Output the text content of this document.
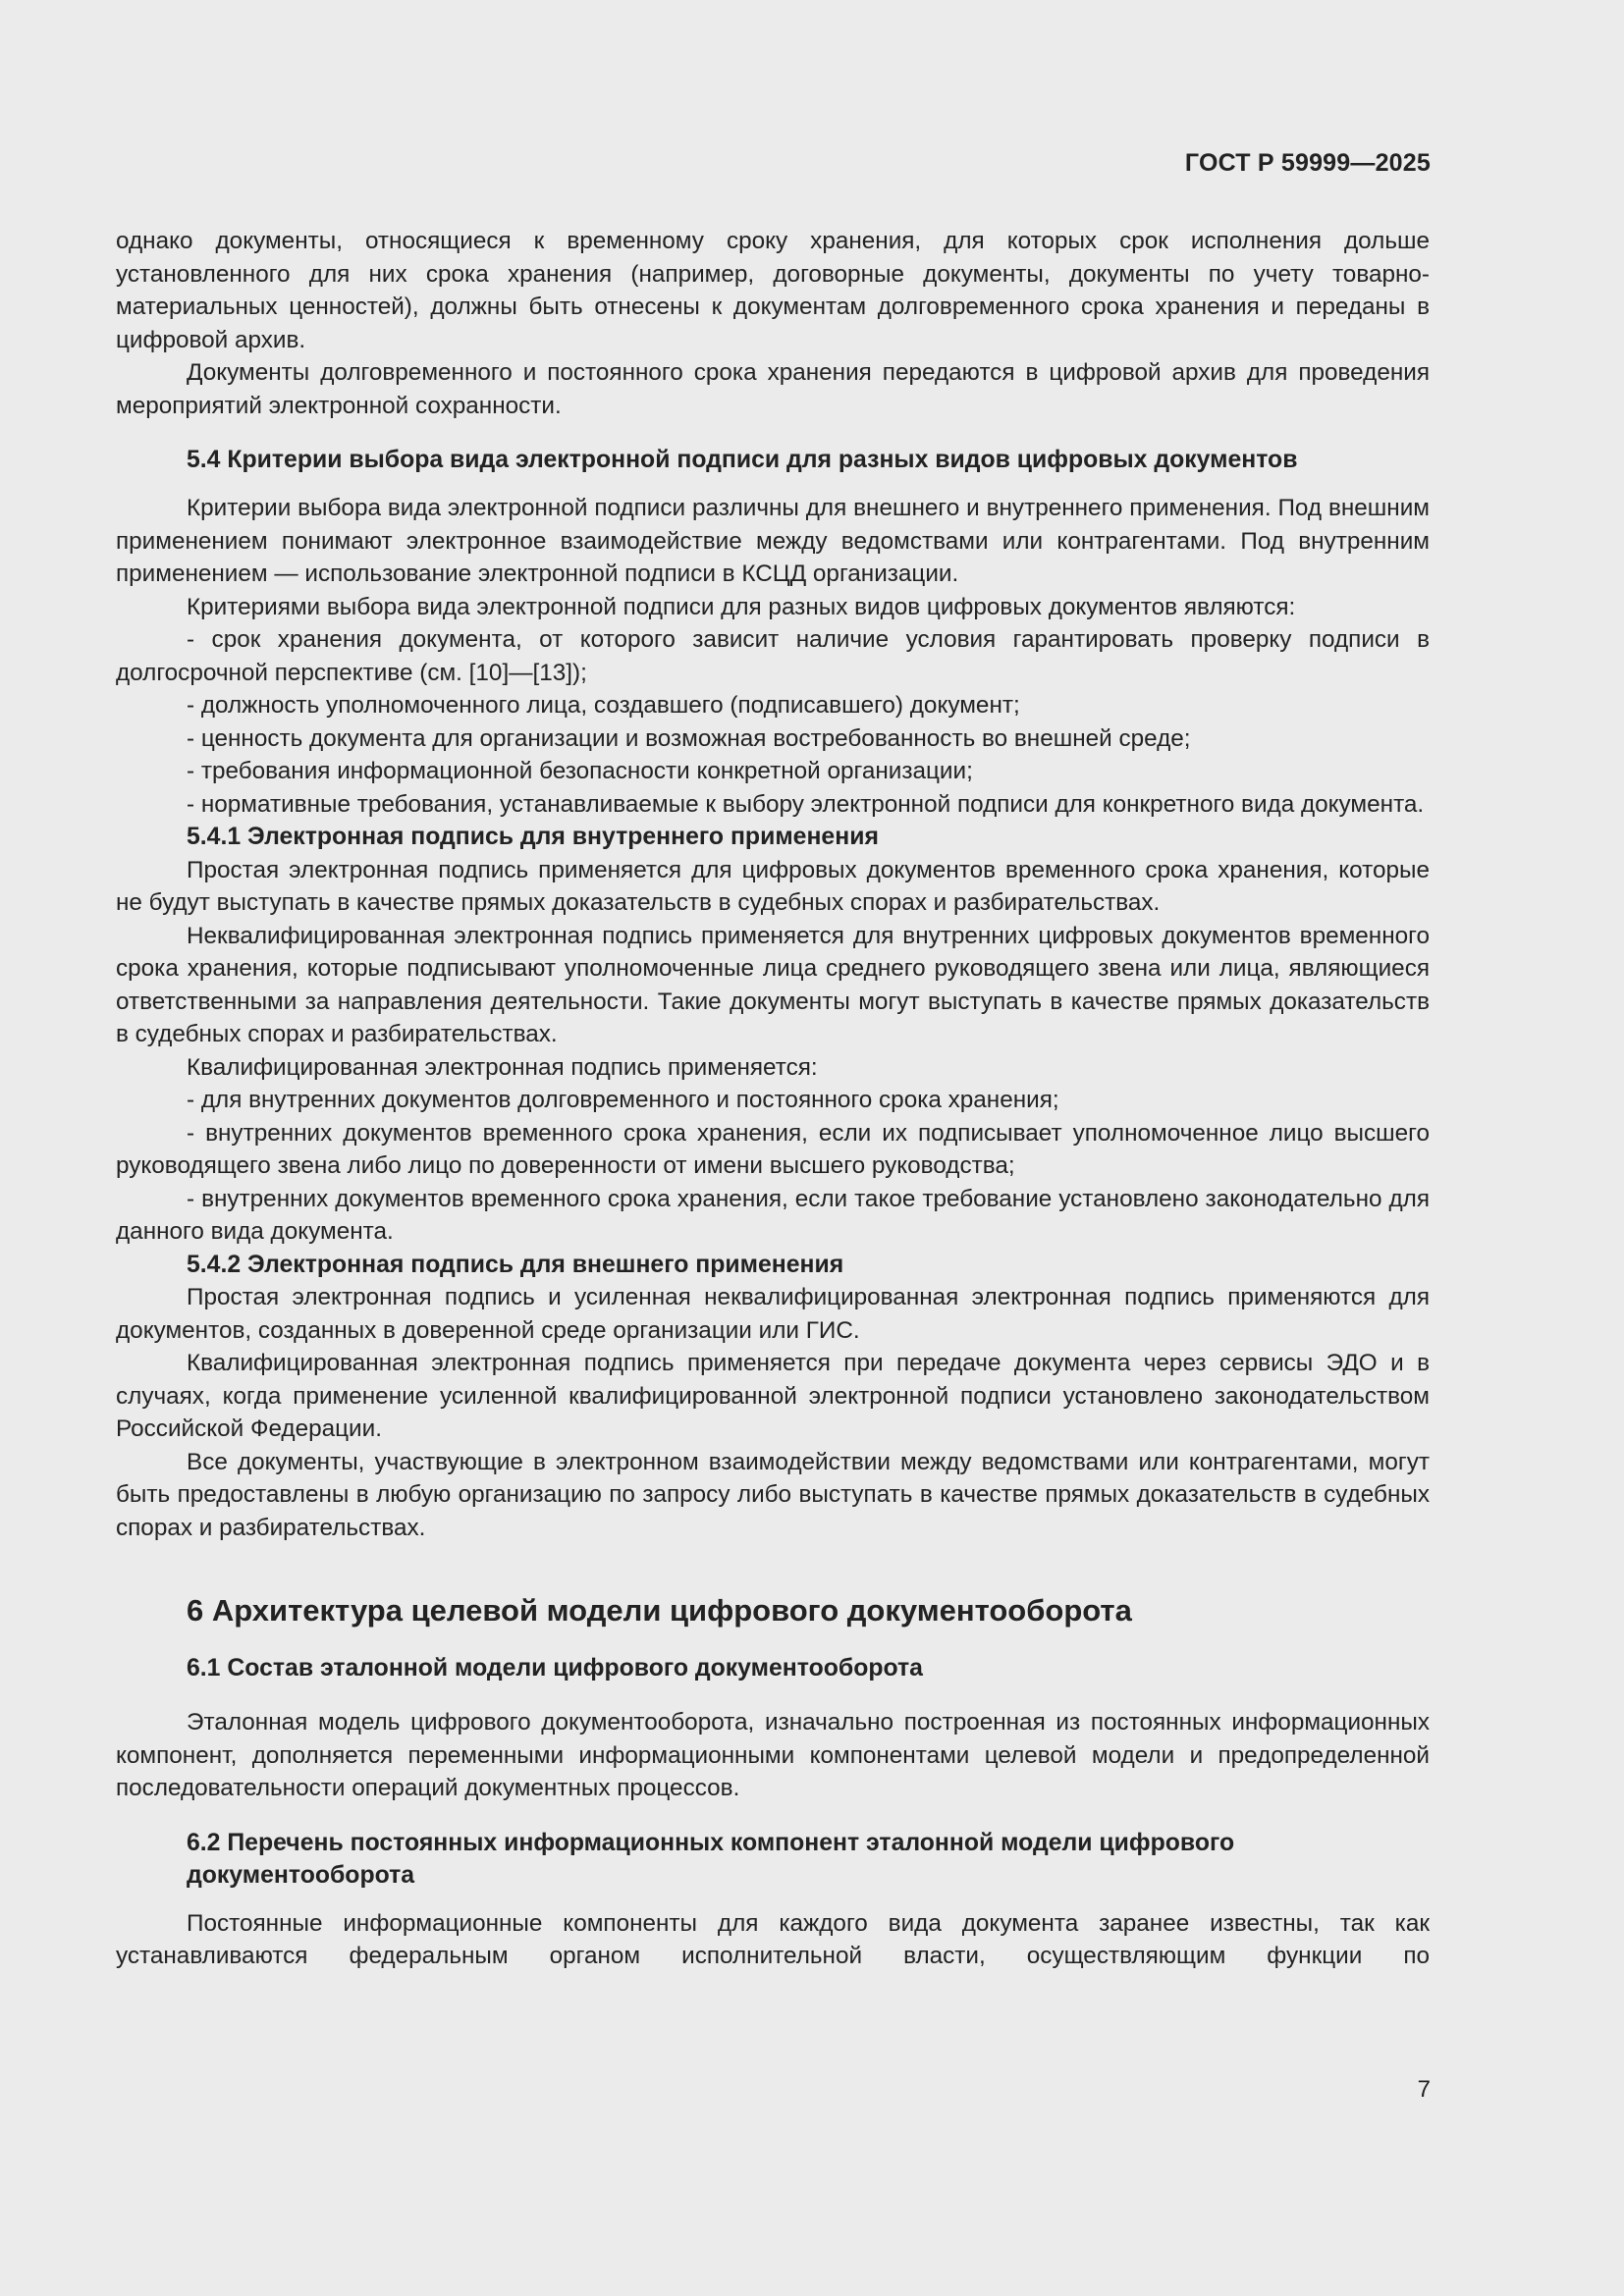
ГОСТ Р 59999—2025

однако документы, относящиеся к временному сроку хранения, для которых срок исполнения дольше установленного для них срока хранения (например, договорные документы, документы по учету товарно-материальных ценностей), должны быть отнесены к документам долговременного срока хранения и переданы в цифровой архив.

Документы долговременного и постоянного срока хранения передаются в цифровой архив для проведения мероприятий электронной сохранности.

5.4 Критерии выбора вида электронной подписи для разных видов цифровых документов

Критерии выбора вида электронной подписи различны для внешнего и внутреннего применения. Под внешним применением понимают электронное взаимодействие между ведомствами или контрагентами. Под внутренним применением — использование электронной подписи в КСЦД организации.

Критериями выбора вида электронной подписи для разных видов цифровых документов являются:

- срок хранения документа, от которого зависит наличие условия гарантировать проверку подписи в долгосрочной перспективе (см. [10]—[13]);

- должность уполномоченного лица, создавшего (подписавшего) документ;

- ценность документа для организации и возможная востребованность во внешней среде;

- требования информационной безопасности конкретной организации;

- нормативные требования, устанавливаемые к выбору электронной подписи для конкретного вида документа.

5.4.1 Электронная подпись для внутреннего применения

Простая электронная подпись применяется для цифровых документов временного срока хранения, которые не будут выступать в качестве прямых доказательств в судебных спорах и разбирательствах.

Неквалифицированная электронная подпись применяется для внутренних цифровых документов временного срока хранения, которые подписывают уполномоченные лица среднего руководящего звена или лица, являющиеся ответственными за направления деятельности. Такие документы могут выступать в качестве прямых доказательств в судебных спорах и разбирательствах.

Квалифицированная электронная подпись применяется:

- для внутренних документов долговременного и постоянного срока хранения;

- внутренних документов временного срока хранения, если их подписывает уполномоченное лицо высшего руководящего звена либо лицо по доверенности от имени высшего руководства;

- внутренних документов временного срока хранения, если такое требование установлено законодательно для данного вида документа.

5.4.2 Электронная подпись для внешнего применения

Простая электронная подпись и усиленная неквалифицированная электронная подпись применяются для документов, созданных в доверенной среде организации или ГИС.

Квалифицированная электронная подпись применяется при передаче документа через сервисы ЭДО и в случаях, когда применение усиленной квалифицированной электронной подписи установлено законодательством Российской Федерации.

Все документы, участвующие в электронном взаимодействии между ведомствами или контрагентами, могут быть предоставлены в любую организацию по запросу либо выступать в качестве прямых доказательств в судебных спорах и разбирательствах.

6 Архитектура целевой модели цифрового документооборота

6.1 Состав эталонной модели цифрового документооборота

Эталонная модель цифрового документооборота, изначально построенная из постоянных информационных компонент, дополняется переменными информационными компонентами целевой модели и предопределенной последовательности операций документных процессов.

6.2 Перечень постоянных информационных компонент эталонной модели цифрового документооборота

Постоянные информационные компоненты для каждого вида документа заранее известны, так как устанавливаются федеральным органом исполнительной власти, осуществляющим функции по

7
